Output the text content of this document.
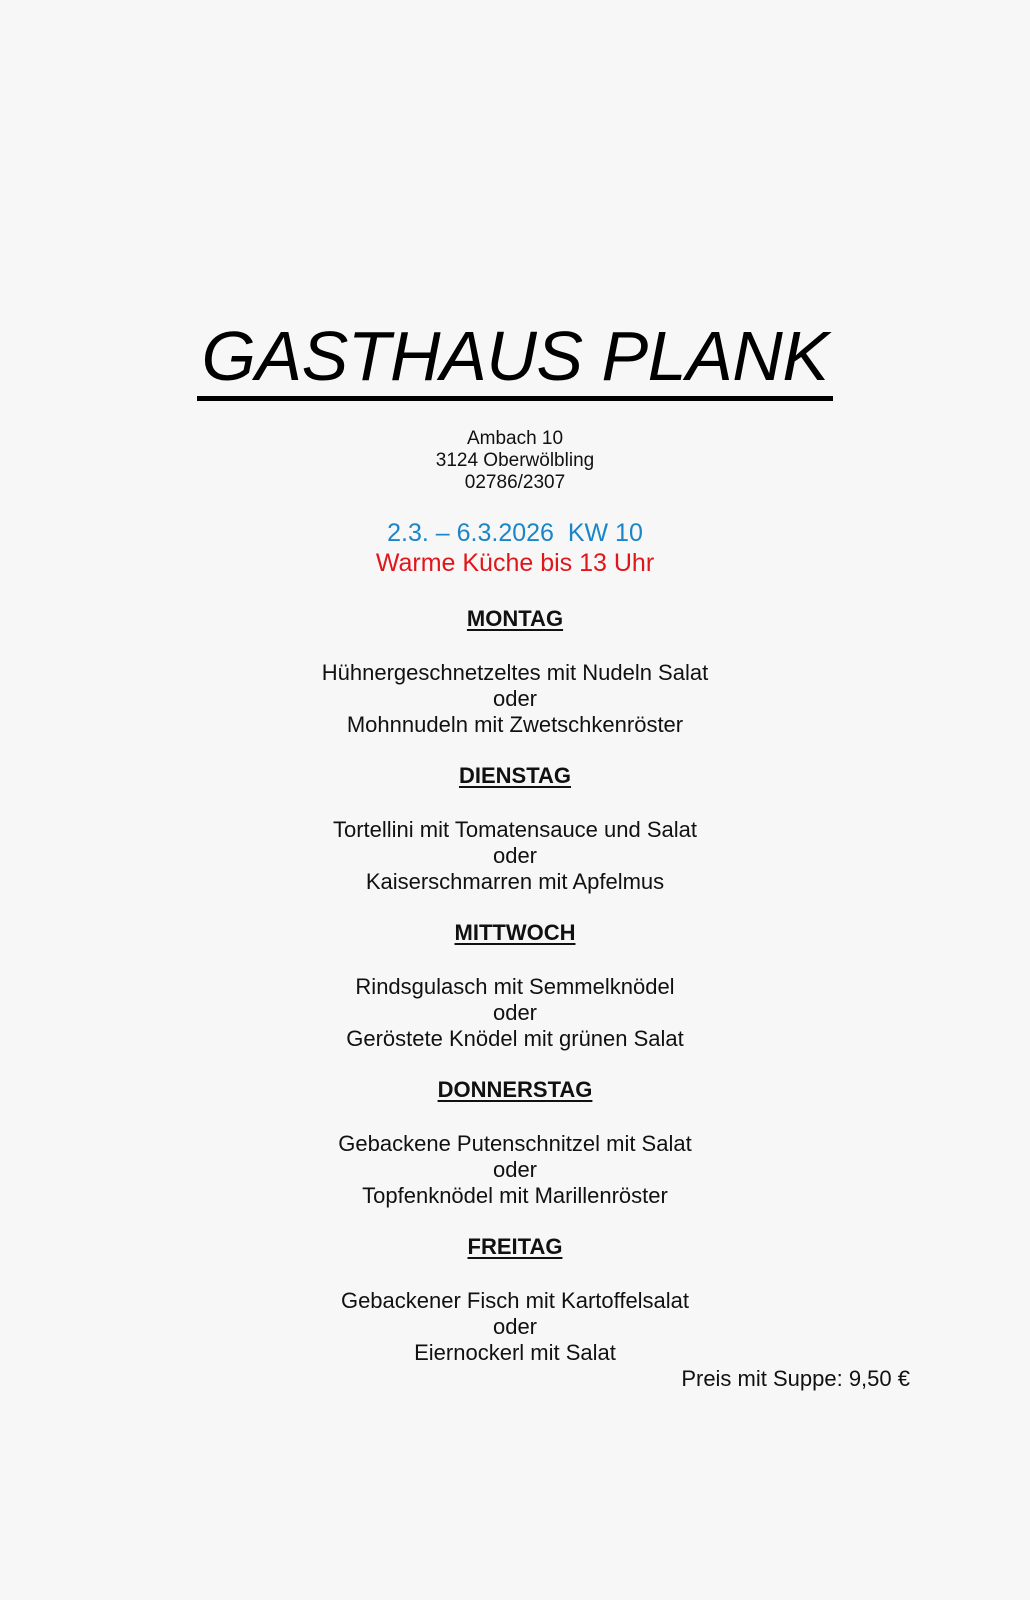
GASTHAUS PLANK
Ambach 10
3124 Oberwölbling
02786/2307
2.3. – 6.3.2026  KW 10
Warme Küche bis 13 Uhr
MONTAG
Hühnergeschnetzeltes mit Nudeln Salat
oder
Mohnnudeln mit Zwetschkenröster
DIENSTAG
Tortellini mit Tomatensauce und Salat
oder
Kaiserschmarren mit Apfelmus
MITTWOCH
Rindsgulasch mit Semmelknödel
oder
Geröstete Knödel mit grünen Salat
DONNERSTAG
Gebackene Putenschnitzel mit Salat
oder
Topfenknödel mit Marillenröster
FREITAG
Gebackener Fisch mit Kartoffelsalat
oder
Eiernockerl mit Salat
Preis mit Suppe: 9,50 €
